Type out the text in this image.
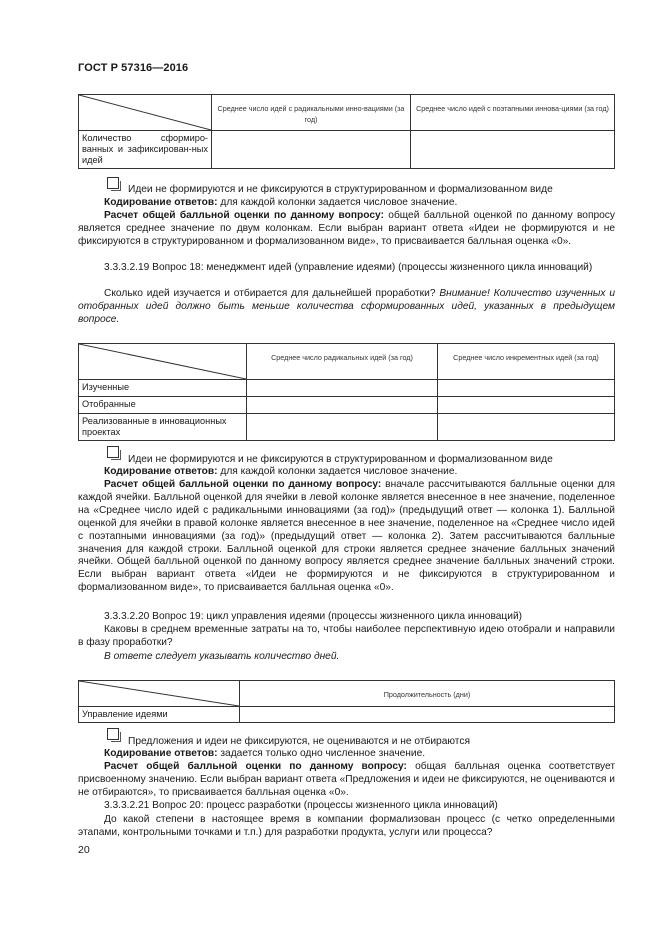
ГОСТ Р 57316—2016
	Среднее число идей с радикальными инно-вациями (за год)	Среднее число идей с поэтапными иннова-циями (за год)
Количество сформиро-ванных и зафиксирован-ных идей		
Идеи не формируются и не фиксируются в структурированном и формализованном виде
Кодирование ответов: для каждой колонки задается числовое значение.
Расчет общей балльной оценки по данному вопросу: общей балльной оценкой по данному вопросу является среднее значение по двум колонкам. Если выбран вариант ответа «Идеи не формируются и не фиксируются в структурированном и формализованном виде», то присваивается балльная оценка «0».
3.3.3.2.19 Вопрос 18: менеджмент идей (управление идеями) (процессы жизненного цикла инноваций)
Сколько идей изучается и отбирается для дальнейшей проработки? Внимание! Количество изученных и отобранных идей должно быть меньше количества сформированных идей, указанных в предыдущем вопросе.
	Среднее число радикальных идей (за год)	Среднее число инкрементных идей (за год)
Изученные		
Отобранные		
Реализованные в инновационных проектах		
Идеи не формируются и не фиксируются в структурированном и формализованном виде
Кодирование ответов: для каждой колонки задается числовое значение.
Расчет общей балльной оценки по данному вопросу: вначале рассчитываются балльные оценки для каждой ячейки. Балльной оценкой для ячейки в левой колонке является внесенное в нее значение, поделенное на «Среднее число идей с радикальными инновациями (за год)» (предыдущий ответ — колонка 1). Балльной оценкой для ячейки в правой колонке является внесенное в нее значение, поделенное на «Среднее число идей с поэтапными инновациями (за год)» (предыдущий ответ — колонка 2). Затем рассчитываются балльные значения для каждой строки. Балльной оценкой для строки является среднее значение балльных значений ячейки. Общей балльной оценкой по данному вопросу является среднее значение балльных значений строки. Если выбран вариант ответа «Идеи не формируются и не фиксируются в структурированном и формализованном виде», то присваивается балльная оценка «0».
3.3.3.2.20 Вопрос 19: цикл управления идеями (процессы жизненного цикла инноваций)
Каковы в среднем временные затраты на то, чтобы наиболее перспективную идею отобрали и направили в фазу проработки?
В ответе следует указывать количество дней.
	Продолжительность (дни)
Управление идеями	
Предложения и идеи не фиксируются, не оцениваются и не отбираются
Кодирование ответов: задается только одно численное значение.
Расчет общей балльной оценки по данному вопросу: общая балльная оценка соответствует присвоенному значению. Если выбран вариант ответа «Предложения и идеи не фиксируются, не оцениваются и не отбираются», то присваивается балльная оценка «0».
3.3.3.2.21 Вопрос 20: процесс разработки (процессы жизненного цикла инноваций)
До какой степени в настоящее время в компании формализован процесс (с четко определенными этапами, контрольными точками и т.п.) для разработки продукта, услуги или процесса?
20
